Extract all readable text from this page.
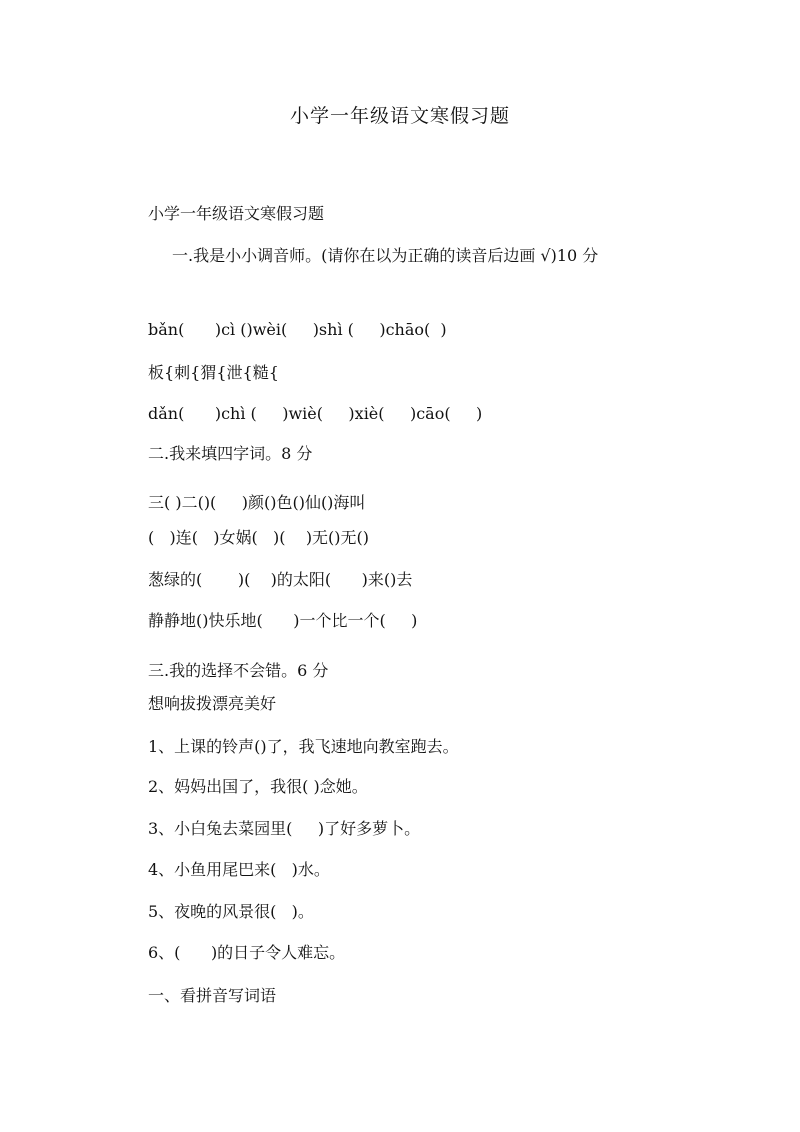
小学一年级语文寒假习题
小学一年级语文寒假习题
一.我是小小调音师。(请你在以为正确的读音后边画 √)10 分
bǎn(      )cì ()wèi(     )shì (     )chāo(  )
板{刺{猬{泄{糙{
dǎn(      )chì (     )wiè(     )xiè(     )cāo(     )
二.我来填四字词。8 分
三( )二()(     )颜()色()仙()海叫
(   )连(   )女娲(   )(    )无()无()
葱绿的(       )(    )的太阳(      )来()去
静静地()快乐地(      )一个比一个(     )
三.我的选择不会错。6 分
想响拔拨漂亮美好
1、上课的铃声()了，我飞速地向教室跑去。
2、妈妈出国了，我很( )念她。
3、小白兔去菜园里(     )了好多萝卜。
4、小鱼用尾巴来(   )水。
5、夜晚的风景很(   )。
6、(      )的日子令人难忘。
一、看拼音写词语
